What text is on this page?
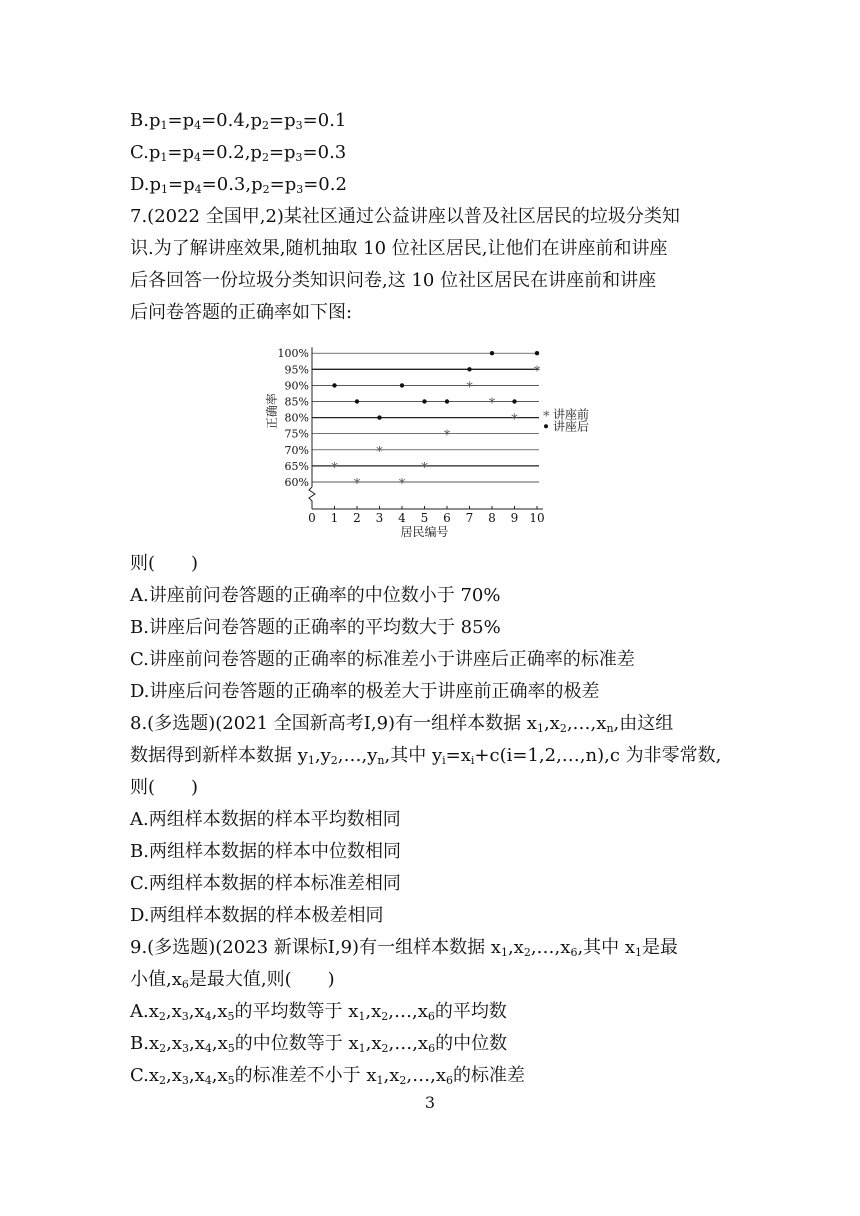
$B.p_1=p_4=0.4,p_2=p_3=0.1$
$C.p_1=p_4=0.2,p_2=p_3=0.3$
$D.p_1=p_4=0.3,p_2=p_3=0.2$
7.(2022 全国甲,2)某社区通过公益讲座以普及社区居民的垃圾分类知
识.为了解讲座效果,随机抽取 10 位社区居民,让他们在讲座前和讲座
后各回答一份垃圾分类知识问卷,这 10 位社区居民在讲座前和讲座
后问卷答题的正确率如下图:
60%
65%
70%
75%
80%
85%
90%
95%
100%
0 1 2 3 4 5 6 7 8 9 10
居民编号
正确率
*
*
*
*
*
*
*
*
*
*
* 讲座前
讲座后
则(　　)
A.讲座前问卷答题的正确率的中位数小于 70%
B.讲座后问卷答题的正确率的平均数大于 85%
C.讲座前问卷答题的正确率的标准差小于讲座后正确率的标准差
D.讲座后问卷答题的正确率的极差大于讲座前正确率的极差
8.(多选题)(2021 全国新高考Ⅰ,9)有一组样本数据 $x_1,x_2,\dots,x_n$,由这组
数据得到新样本数据 $y_1,y_2,\dots,y_n$,其中 $y_i=x_i+c(i=1,2,\dots,n),c$ 为非零常数,
则(　　)
A.两组样本数据的样本平均数相同
B.两组样本数据的样本中位数相同
C.两组样本数据的样本标准差相同
D.两组样本数据的样本极差相同
9.(多选题)(2023 新课标Ⅰ,9)有一组样本数据 $x_1,x_2,\dots,x_6$,其中 $x_1$是最
小值$,x_6$是最大值,则(　　)
$A.x_2,x_3,x_4,x_5$的平均数等于 $x_1,x_2,\dots,x_6$的平均数
$B.x_2,x_3,x_4,x_5$的中位数等于 $x_1,x_2,\dots,x_6$的中位数
$C.x_2,x_3,x_4,x_5$的标准差不小于 $x_1,x_2,\dots,x_6$的标准差
3
